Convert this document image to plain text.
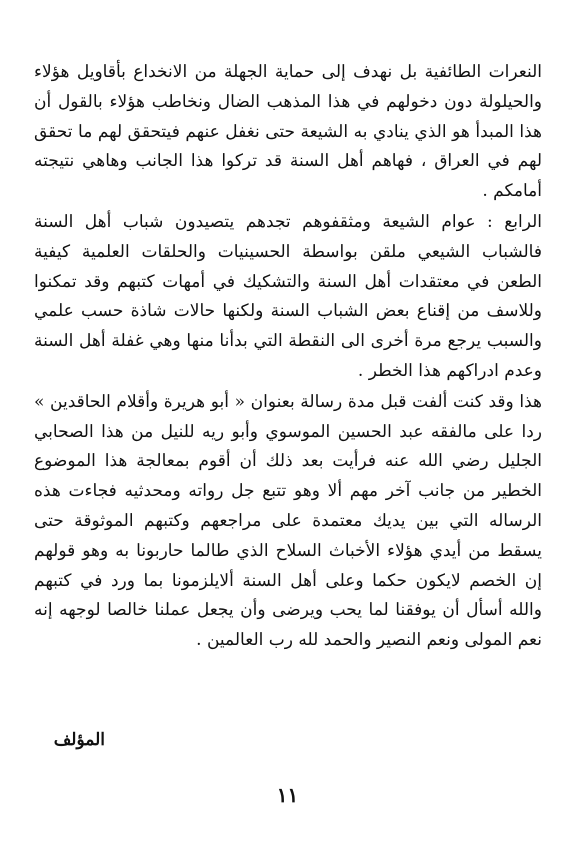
النعرات الطائفية بل نهدف إلى حماية الجهلة من الانخداع بأقاويل هؤلاء والحيلولة دون دخولهم في هذا المذهب الضال ونخاطب هؤلاء بالقول أن هذا المبدأ هو الذي ينادي به الشيعة حتى نغفل عنهم فيتحقق لهم ما تحقق لهم في العراق ، فهاهم أهل السنة قد تركوا هذا الجانب وهاهي نتيجته أمامكم .

الرابع : عوام الشيعة ومثقفوهم تجدهم يتصيدون شباب أهل السنة فالشباب الشيعي ملقن بواسطة الحسينيات والحلقات العلمية كيفية الطعن في معتقدات أهل السنة والتشكيك في أمهات كتبهم وقد تمكنوا وللاسف من إقناع بعض الشباب السنة ولكنها حالات شاذة حسب علمي والسبب يرجع مرة أخرى الى النقطة التي بدأنا منها وهي غفلة أهل السنة وعدم ادراكهم هذا الخطر .

هذا وقد كنت ألفت قبل مدة رسالة بعنوان « أبو هريرة وأقلام الحاقدين » ردا على مالفقه عبد الحسين الموسوي وأبو ريه للنيل من هذا الصحابي الجليل رضي الله عنه فرأيت بعد ذلك أن أقوم بمعالجة هذا الموضوع الخطير من جانب آخر مهم ألا وهو تتبع جل رواته ومحدثيه فجاءت هذه الرساله التي بين يديك معتمدة على مراجعهم وكتبهم الموثوقة حتى يسقط من أيدي هؤلاء الأخباث السلاح الذي طالما حاربونا به وهو قولهم إن الخصم لايكون حكما وعلى أهل السنة ألايلزمونا بما ورد في كتبهم والله أسأل أن يوفقنا لما يحب ويرضى وأن يجعل عملنا خالصا لوجهه إنه نعم المولى ونعم النصير والحمد لله رب العالمين .

المؤلف
١١
